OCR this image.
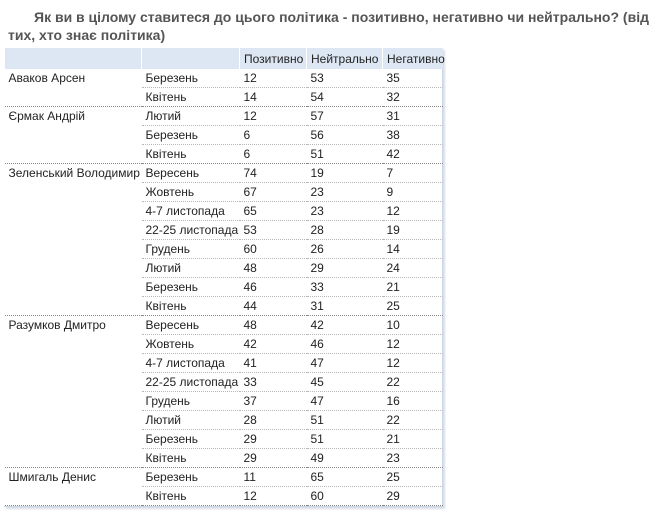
Як ви в цілому ставитеся до цього політика - позитивно, негативно чи нейтрально? (від тих, хто знає політика)
		Позитивно	Нейтрально	Негативно
Аваков Арсен	Березень	12	53	35
	Квітень	14	54	32
Єрмак Андрій	Лютий	12	57	31
	Березень	6	56	38
	Квітень	6	51	42
Зеленський Володимир	Вересень	74	19	7
	Жовтень	67	23	9
	4-7 листопада	65	23	12
	22-25 листопада	53	28	19
	Грудень	60	26	14
	Лютий	48	29	24
	Березень	46	33	21
	Квітень	44	31	25
Разумков Дмитро	Вересень	48	42	10
	Жовтень	42	46	12
	4-7 листопада	41	47	12
	22-25 листопада	33	45	22
	Грудень	37	47	16
	Лютий	28	51	22
	Березень	29	51	21
	Квітень	29	49	23
Шмигаль Денис	Березень	11	65	25
	Квітень	12	60	29
